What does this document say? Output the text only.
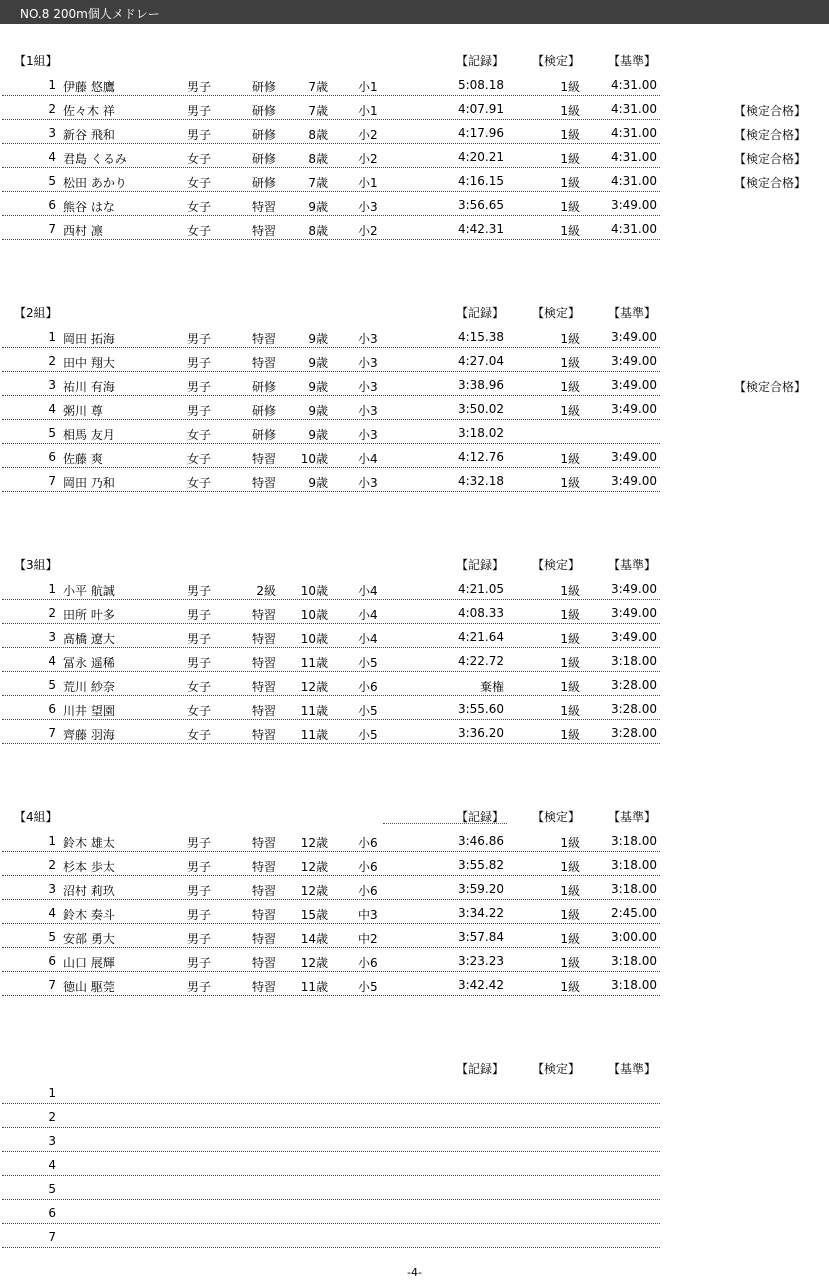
NO.8 200m個人メドレー
【1組】	【記録】 【検定】 【基準】
1 伊藤 悠鷹	男子	研修	7歳	小1	5:08.18	1級	4:31.00
2 佐々木 祥	男子	研修	7歳	小1	4:07.91	1級	4:31.00	【検定合格】
3 新谷 飛和	男子	研修	8歳	小2	4:17.96	1級	4:31.00	【検定合格】
4 君島 くるみ	女子	研修	8歳	小2	4:20.21	1級	4:31.00	【検定合格】
5 松田 あかり	女子	研修	7歳	小1	4:16.15	1級	4:31.00	【検定合格】
6 熊谷 はな	女子	特習	9歳	小3	3:56.65	1級	3:49.00
7 西村 凛	女子	特習	8歳	小2	4:42.31	1級	4:31.00
【2組】	【記録】 【検定】 【基準】
1 岡田 拓海	男子	特習	9歳	小3	4:15.38	1級	3:49.00
2 田中 翔大	男子	特習	9歳	小3	4:27.04	1級	3:49.00
3 祐川 有海	男子	研修	9歳	小3	3:38.96	1級	3:49.00	【検定合格】
4 粥川 尊	男子	研修	9歳	小3	3:50.02	1級	3:49.00
5 相馬 友月	女子	研修	9歳	小3	3:18.02
6 佐藤 爽	女子	特習	10歳	小4	4:12.76	1級	3:49.00
7 岡田 乃和	女子	特習	9歳	小3	4:32.18	1級	3:49.00
【3組】	【記録】 【検定】 【基準】
1 小平 航誠	男子	2級	10歳	小4	4:21.05	1級	3:49.00
2 田所 叶多	男子	特習	10歳	小4	4:08.33	1級	3:49.00
3 髙橋 遼大	男子	特習	10歳	小4	4:21.64	1級	3:49.00
4 冨永 遥稀	男子	特習	11歳	小5	4:22.72	1級	3:18.00
5 荒川 紗奈	女子	特習	12歳	小6	棄権	1級	3:28.00
6 川井 望園	女子	特習	11歳	小5	3:55.60	1級	3:28.00
7 齊藤 羽海	女子	特習	11歳	小5	3:36.20	1級	3:28.00
【4組】	【記録】 【検定】 【基準】
1 鈴木 雄太	男子	特習	12歳	小6	3:46.86	1級	3:18.00
2 杉本 歩太	男子	特習	12歳	小6	3:55.82	1級	3:18.00
3 沼村 莉玖	男子	特習	12歳	小6	3:59.20	1級	3:18.00
4 鈴木 奏斗	男子	特習	15歳	中3	3:34.22	1級	2:45.00
5 安部 勇大	男子	特習	14歳	中2	3:57.84	1級	3:00.00
6 山口 展輝	男子	特習	12歳	小6	3:23.23	1級	3:18.00
7 徳山 駆莞	男子	特習	11歳	小5	3:42.42	1級	3:18.00
【記録】 【検定】 【基準】
1
2
3
4
5
6
7
-4-
